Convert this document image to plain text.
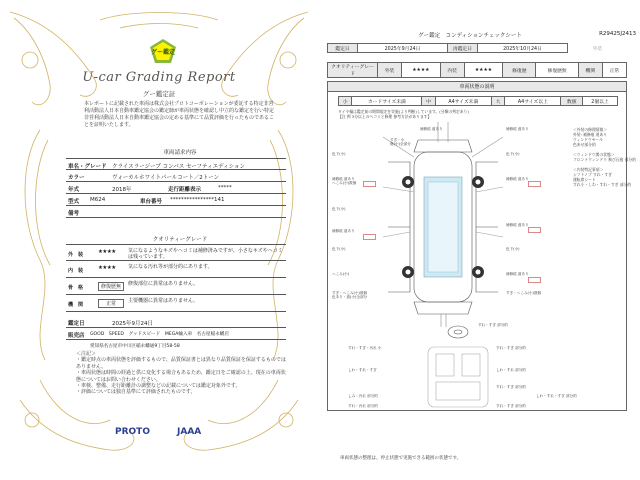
グー鑑定
U-car Grading Report
グー鑑定証
本レポートに記載された車両は株式会社プロトコーポレーションが委託する特定非営利活動法人日本自動車鑑定協会の鑑定師が車両状態を確認し中立的な鑑定を行い特定非営利活動法人日本自動車鑑定協会の定める基準にて品質評価を行ったものであることを証明いたします。
車両請求内容
車名・グレード クライスラージープ コンパス セーフティエディション
カラー	ヴォーカルホワイトパールコート／2トーン
年式	2018年	走行距離表示	*****
型式 M624	車台番号 ****************141
備考
クオリティーグレード
外　装	★★★★ 気になるようなキズやヘコミは補修済みですが、小さなキズやヘコミは残っています。
内　装	★★★★ 気になる汚れ等が部分的にあります。
骨　格	修復歴無	修復部位に異常はありません。
機　関	正常	主要機器に異常はありません。
鑑定日	2025年9月24日
販売店 GOOD　SPEED　グッドスピード　MEGA輸入車　名古屋稲永幡店
愛知県名古屋市中川区稲永幡通9丁目58-58
＜注記＞
・鑑定時点の車両状態を評価するもので、品質保証書とは異なり品質保証を保証するものではありません。
・車両状態は時間の経過と供に変化する場合もあるため、鑑定日をご確認の上、現在の車両状態についてはお問い合わせください。
・車検、整備、走行距離計の調整などの記載については鑑定対象外です。
・評価については独自基準にて評価されたものです。
PROTO	JAAA
グー鑑定　コンディションチェックシート	R29425J2413
鑑定日	2025年9月24日	再鑑定日	2025年10月24日	外装
クオリティーグレード	外装	★★★★	内装	★★★★	修復歴	修復歴無	機関	正常
車両状態の説明
小	カードサイズ未満	中	A4サイズ未満	大	A4サイズ以上	数値	2個以上
タイヤ幅は鑑定前の期間規定を実施(より判断)しています。(分類の判定あり)
【注 例 3分以上のヘコミと修理 参考方法があります】
すぎ・小
傷(小)全部分
色下(小)
補修痕 道あり
へこみ(小)数個
色下(小)
補修痕 道あり
色下(小)
へこみ(小)
すぎ・へこみ(小)数個
色あり・道(小)全部分
補修痕 道あり	補修痕 道あり
色下(小)
補修痕 道あり
補修痕 道あり
色下(小)
補修痕 道あり
すぎ・へこみ(小)数個
＜外装の修理情報＞
外装: 補修痕 道あり
ウィンドウモール
色あせ部分的

＜ウィンドウ関の状態＞
フロントウィンドウ 飛び石痕 部分的

＜内装特記事項＞
シフトノブ すれ・すぎ
運転席シート
すれ小・しわ・すれ・すぎ 部分的
すれ・すぎ 部分的
すれ・すぎ・汚れ 小	すれ・すぎ 部分的
しわ・すれ・すぎ	しわ・すれ 部分的
すれ・すぎ 部分的
しみ・汚れ 部分的	しわ・すれ・すぎ 部分的
すれ・汚れ 部分的	すれ・すぎ 部分的
車両状態の整理は、停止状態で実施できる範囲の状態です。
